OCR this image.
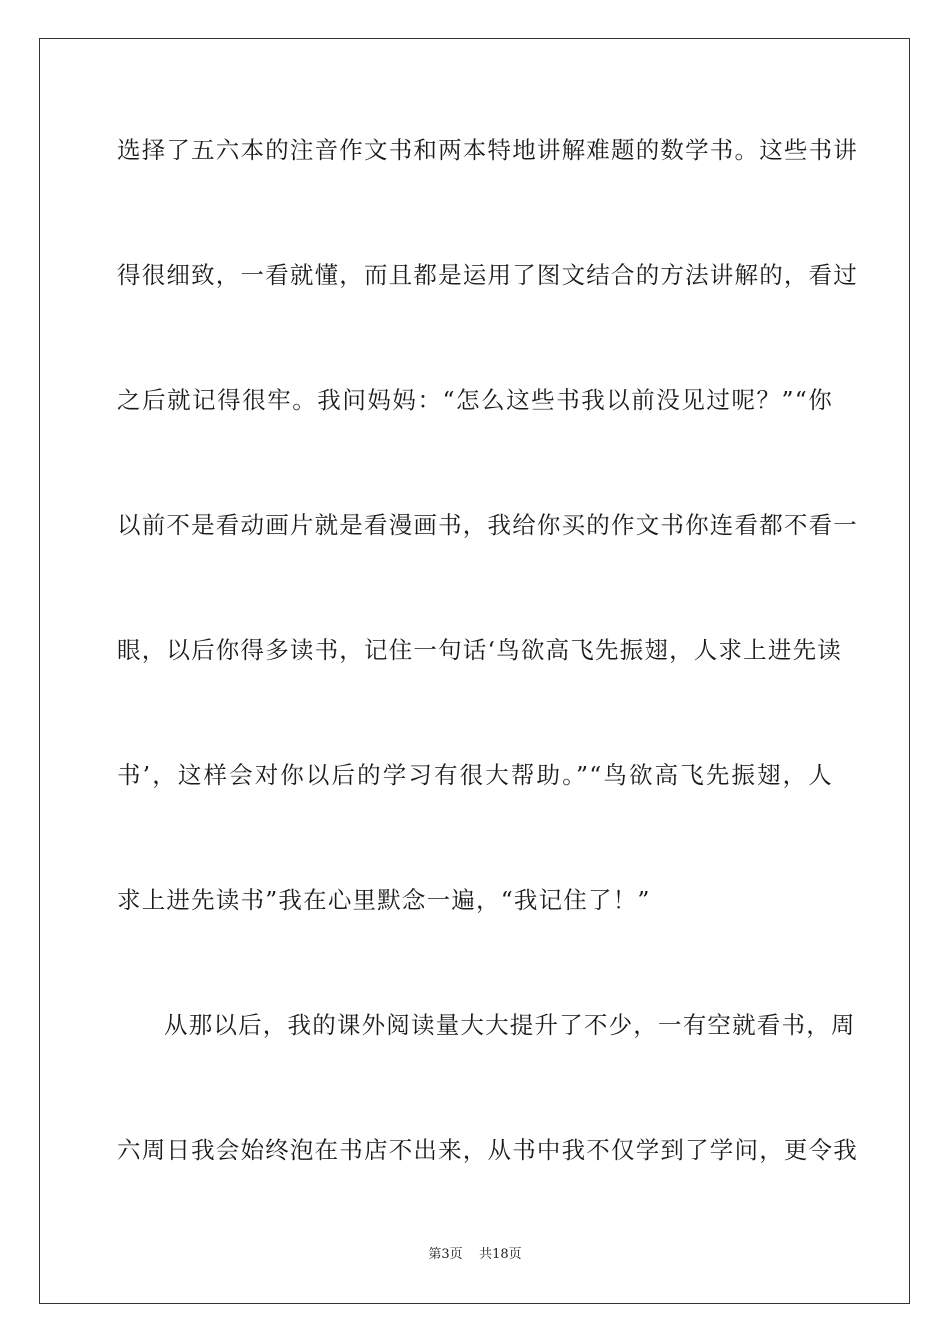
选择了五六本的注音作文书和两本特地讲解难题的数学书。这些书讲
得很细致，一看就懂，而且都是运用了图文结合的方法讲解的，看过
之后就记得很牢。我问妈妈：“怎么这些书我以前没见过呢？”“你
以前不是看动画片就是看漫画书，我给你买的作文书你连看都不看一
眼，以后你得多读书，记住一句话‘鸟欲高飞先振翅，人求上进先读
书’，这样会对你以后的学习有很大帮助。”“鸟欲高飞先振翅，人
求上进先读书”我在心里默念一遍，“我记住了！”
从那以后，我的课外阅读量大大提升了不少，一有空就看书，周
六周日我会始终泡在书店不出来，从书中我不仅学到了学问，更令我
第3页    共18页
